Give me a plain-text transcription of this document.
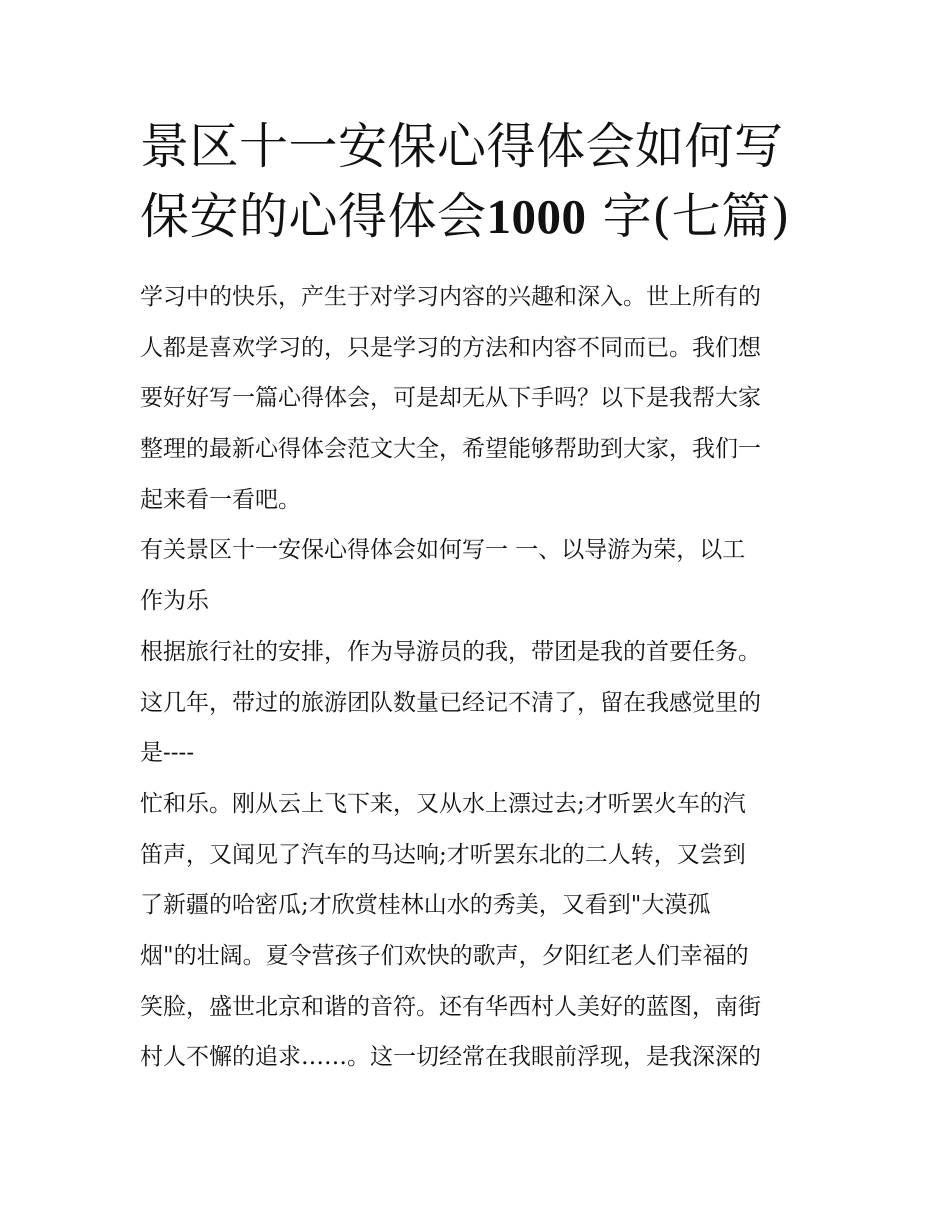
景区十一安保心得体会如何写
保安的心得体会1000 字(七篇)
学习中的快乐，产生于对学习内容的兴趣和深入。世上所有的
人都是喜欢学习的，只是学习的方法和内容不同而已。我们想
要好好写一篇心得体会，可是却无从下手吗？以下是我帮大家
整理的最新心得体会范文大全，希望能够帮助到大家，我们一
起来看一看吧。
有关景区十一安保心得体会如何写一 一、以导游为荣，以工
作为乐
根据旅行社的安排，作为导游员的我，带团是我的首要任务。
这几年，带过的旅游团队数量已经记不清了，留在我感觉里的
是----
忙和乐。刚从云上飞下来，又从水上漂过去;才听罢火车的汽
笛声，又闻见了汽车的马达响;才听罢东北的二人转，又尝到
了新疆的哈密瓜;才欣赏桂林山水的秀美，又看到"大漠孤
烟"的壮阔。夏令营孩子们欢快的歌声，夕阳红老人们幸福的
笑脸，盛世北京和谐的音符。还有华西村人美好的蓝图，南街
村人不懈的追求……。这一切经常在我眼前浮现，是我深深的
